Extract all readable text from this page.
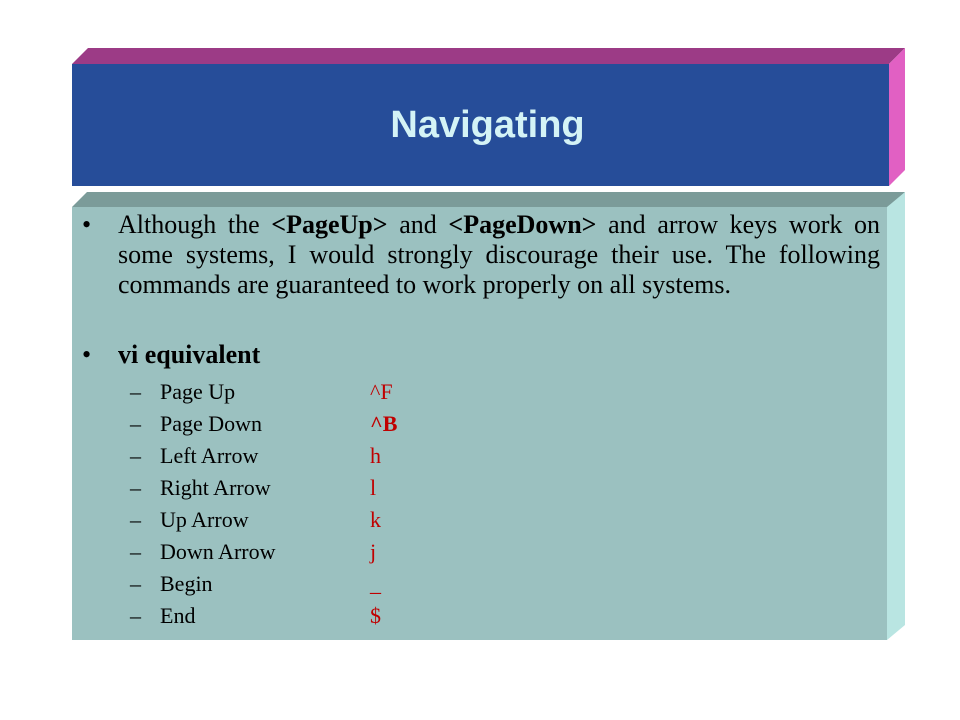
Navigating
• Although the <PageUp> and <PageDown> and arrow keys work on some systems, I would strongly discourage their use. The following commands are guaranteed to work properly on all systems.
• vi equivalent
– Page Up	^F
– Page Down	^B
– Left Arrow	h
– Right Arrow	l
– Up Arrow	k
– Down Arrow	j
– Begin	_
– End	$
